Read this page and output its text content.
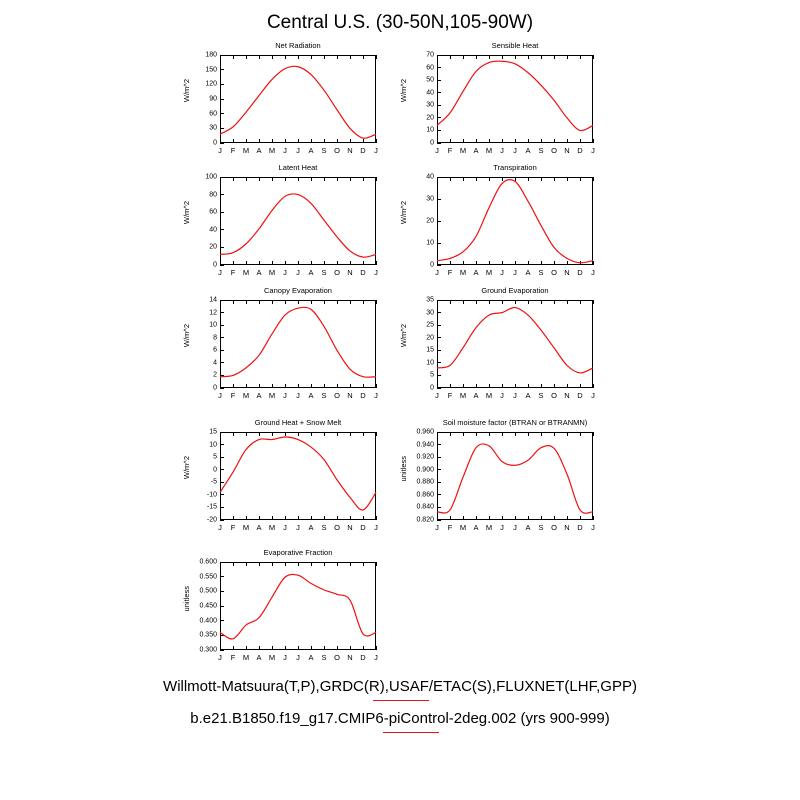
Central U.S. (30-50N,105-90W)
Net Radiation
W/m^2
0
30
60
90
120
150
180
J F M A M J J A S O N D J
Sensible Heat
W/m^2
0
10
20
30
40
50
60
70
J F M A M J J A S O N D J
Latent Heat
W/m^2
0
20
40
60
80
100
J F M A M J J A S O N D J
Transpiration
W/m^2
0
10
20
30
40
J F M A M J J A S O N D J
Canopy Evaporation
W/m^2
0
2
4
6
8
10
12
14
J F M A M J J A S O N D J
Ground Evaporation
W/m^2
0
5
10
15
20
25
30
35
J F M A M J J A S O N D J
Ground Heat + Snow Melt
W/m^2
-20
-15
-10
-5
0
5
10
15
J F M A M J J A S O N D J
Soil moisture factor (BTRAN or BTRANMN)
unitless
0.820
0.840
0.860
0.880
0.900
0.920
0.940
0.960
J F M A M J J A S O N D J
Evaporative Fraction
unitless
0.300
0.350
0.400
0.450
0.500
0.550
0.600
J F M A M J J A S O N D J
Willmott-Matsuura(T,P),GRDC(R),USAF/ETAC(S),FLUXNET(LHF,GPP)
b.e21.B1850.f19_g17.CMIP6-piControl-2deg.002 (yrs 900-999)
